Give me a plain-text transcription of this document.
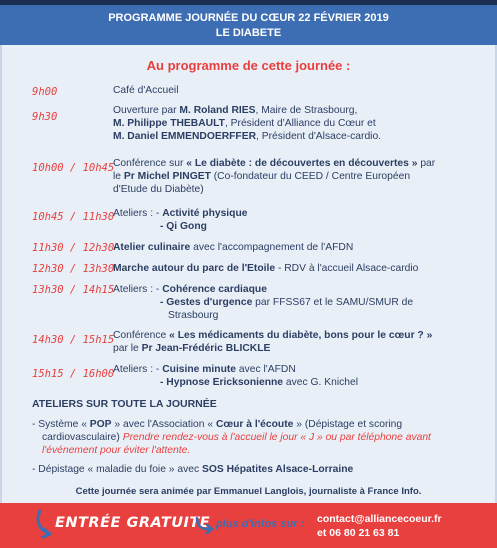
PROGRAMME JOURNÉE DU CŒUR 22 FÉVRIER 2019
LE DIABETE
Au programme de cette journée :
9h00	Café d'Accueil
9h30
Ouverture par M. Roland RIES, Maire de Strasbourg,
M. Philippe THEBAULT, Président d'Alliance du Cœur et
M. Daniel EMMENDOERFFER, Président d'Alsace-cardio.
10h00 / 10h45
Conférence sur « Le diabète : de découvertes en découvertes » par
le Pr Michel PINGET (Co-fondateur du CEED / Centre Européen
d'Etude du Diabète)
10h45 / 11h30
Ateliers : - Activité physique
- Qi Gong
11h30 / 12h30
Atelier culinaire avec l'accompagnement de l'AFDN
12h30 / 13h30
Marche autour du parc de l'Etoile - RDV à l'accueil Alsace-cardio
13h30 / 14h15
Ateliers : - Cohérence cardiaque
- Gestes d'urgence par FFSS67 et le SAMU/SMUR de
Strasbourg
14h30 / 15h15
Conférence « Les médicaments du diabète, bons pour le cœur ? »
par le Pr Jean-Frédéric BLICKLE
15h15 / 16h00
Ateliers : - Cuisine minute avec l'AFDN
- Hypnose Ericksonienne avec G. Knichel
ATELIERS SUR TOUTE LA JOURNÉE
- Système « POP » avec l'Association « Cœur à l'écoute » (Dépistage et scoring
cardiovasculaire) Prendre rendez-vous à l'accueil le jour « J » ou par téléphone avant
l'événement pour éviter l'attente.
- Dépistage « maladie du foie » avec SOS Hépatites Alsace-Lorraine
Cette journée sera animée par Emmanuel Langlois, journaliste à France Info.
ENTRÉE GRATUITE plus d'infos sur : contact@alliancecoeur.fr
et 06 80 21 63 81
